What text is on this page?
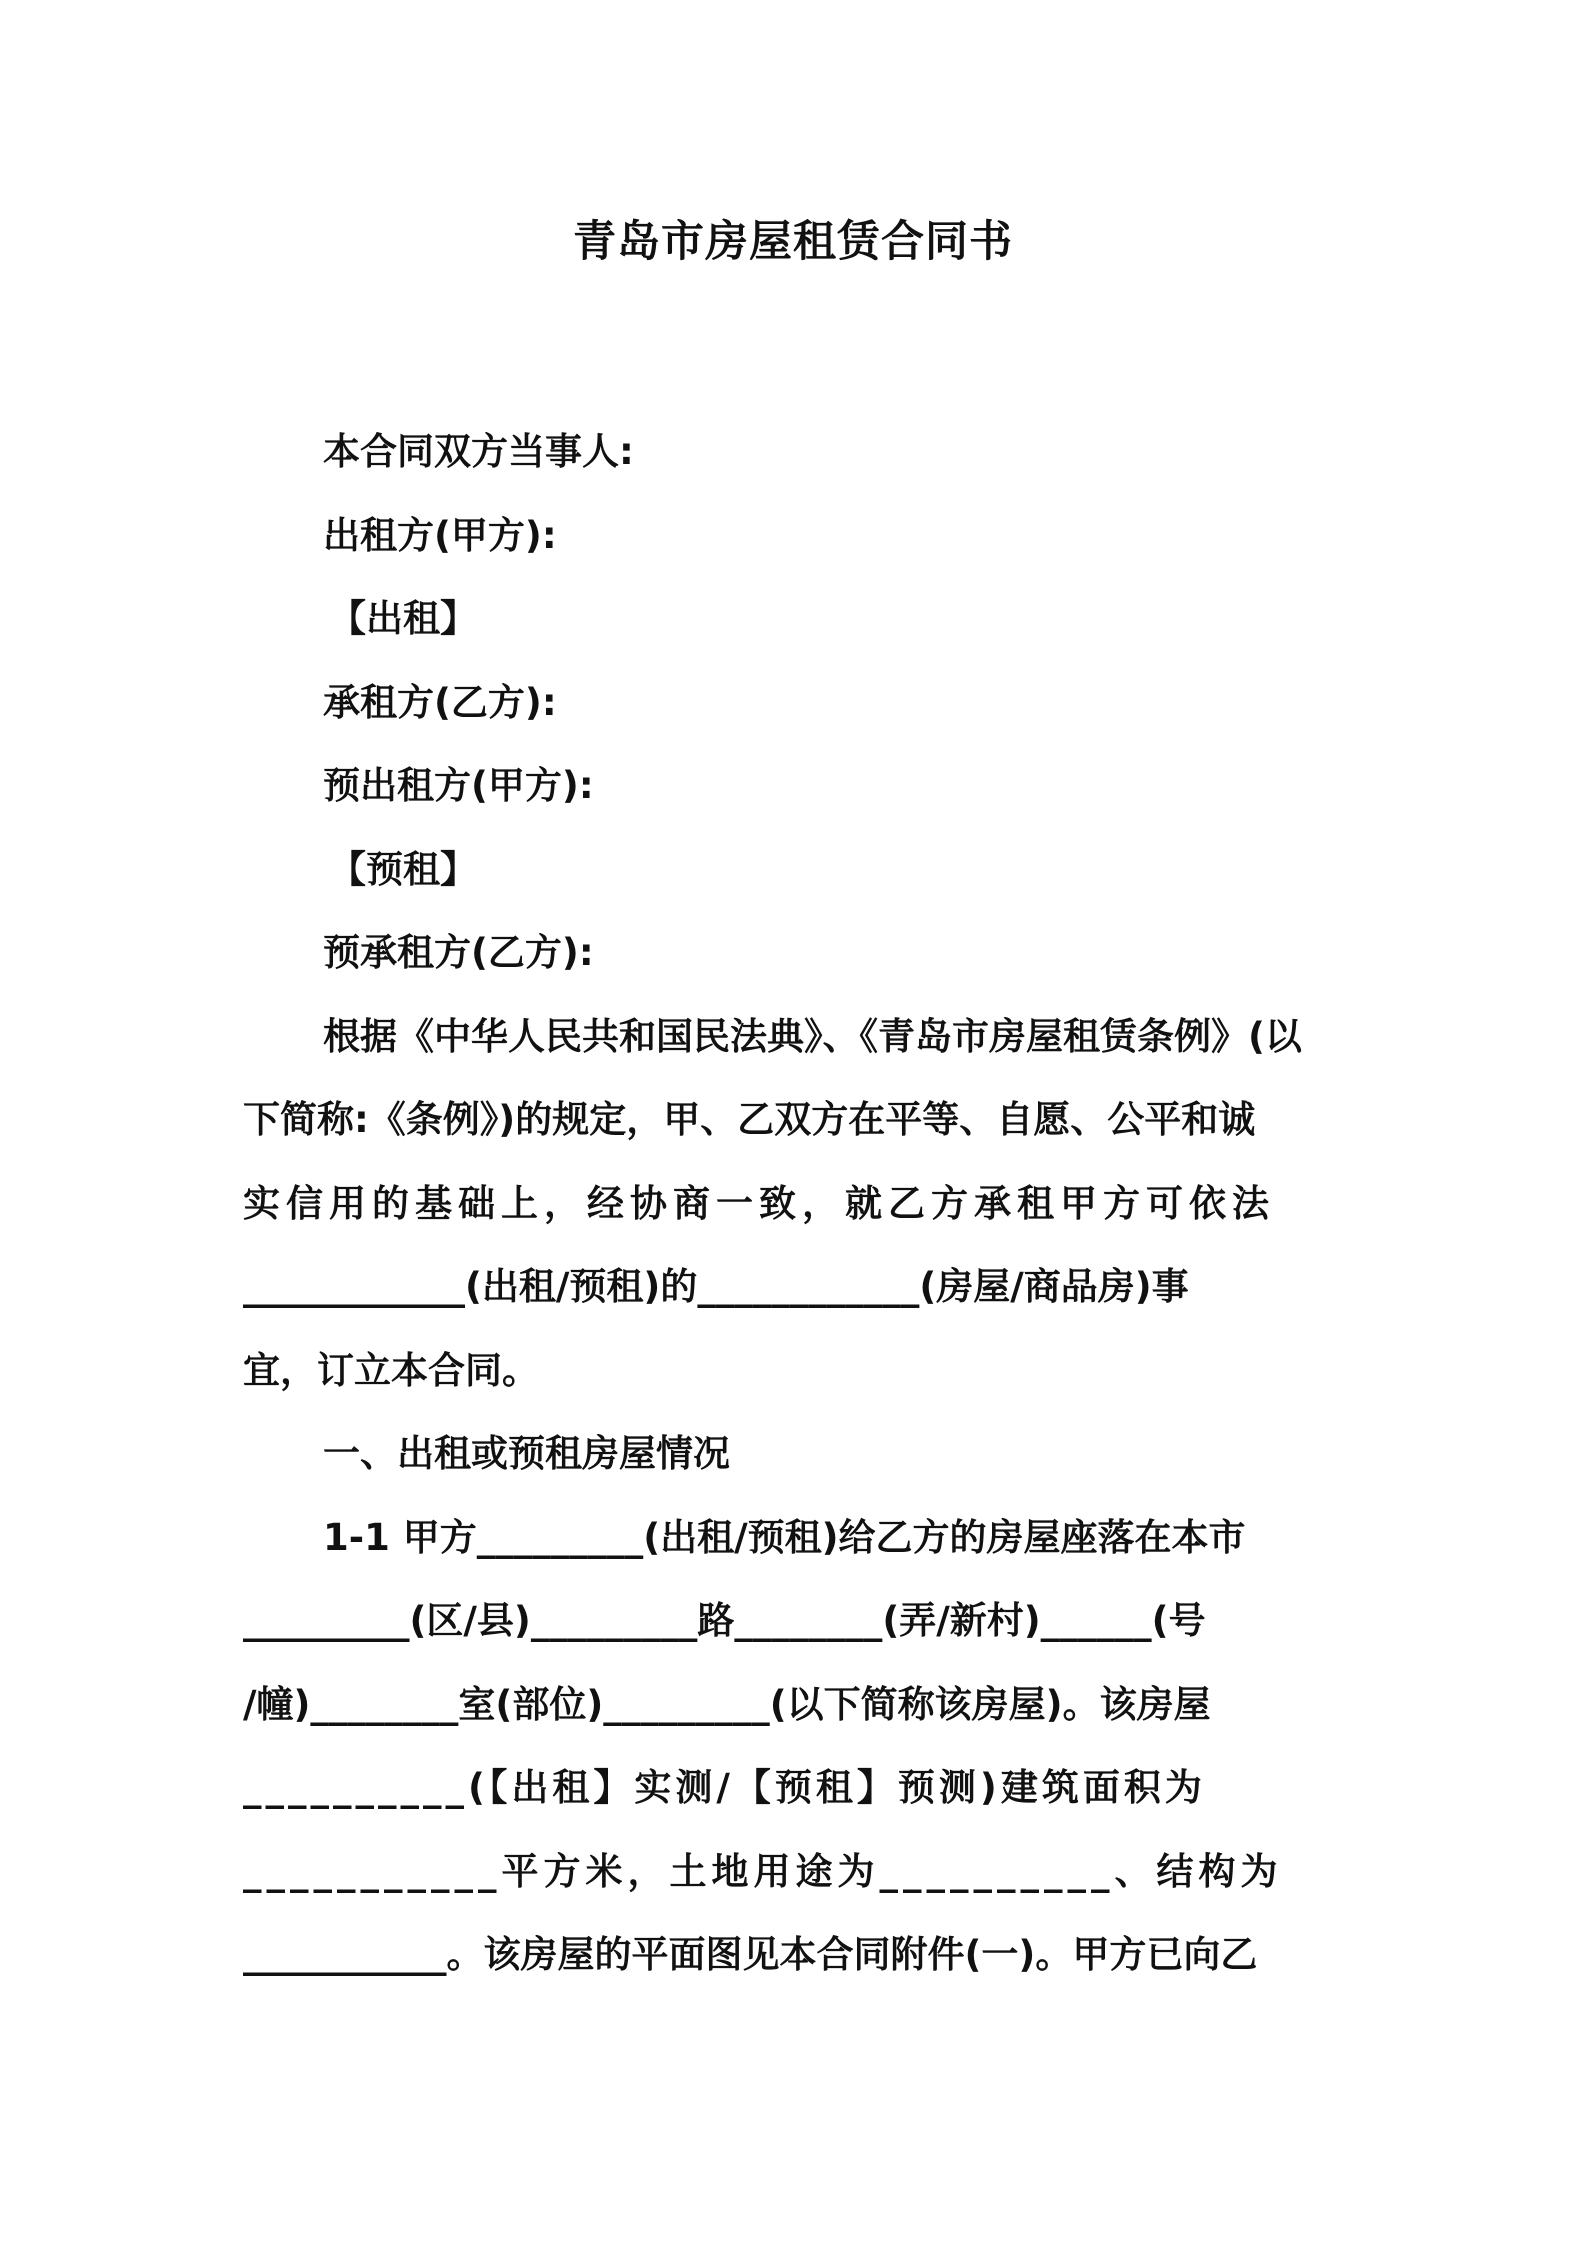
青岛市房屋租赁合同书
本合同双方当事人:
出租方(甲方):
【出租】
承租方(乙方):
预出租方(甲方):
【预租】
预承租方(乙方):
根据《中华人民共和国民法典》、《青岛市房屋租赁条例》(以
下简称:《条例》)的规定，甲、乙双方在平等、自愿、公平和诚
实信用的基础上，经协商一致，就乙方承租甲方可依法
____________(出租/预租)的____________(房屋/商品房)事
宜，订立本合同。
一、出租或预租房屋情况
1-1 甲方_________(出租/预租)给乙方的房屋座落在本市
_________(区/县)_________路________(弄/新村)______(号
/幢)________室(部位)_________(以下简称该房屋)。该房屋
__________(【出租】实测/【预租】预测)建筑面积为
___________平方米，土地用途为__________、结构为
___________。该房屋的平面图见本合同附件(一)。甲方已向乙
